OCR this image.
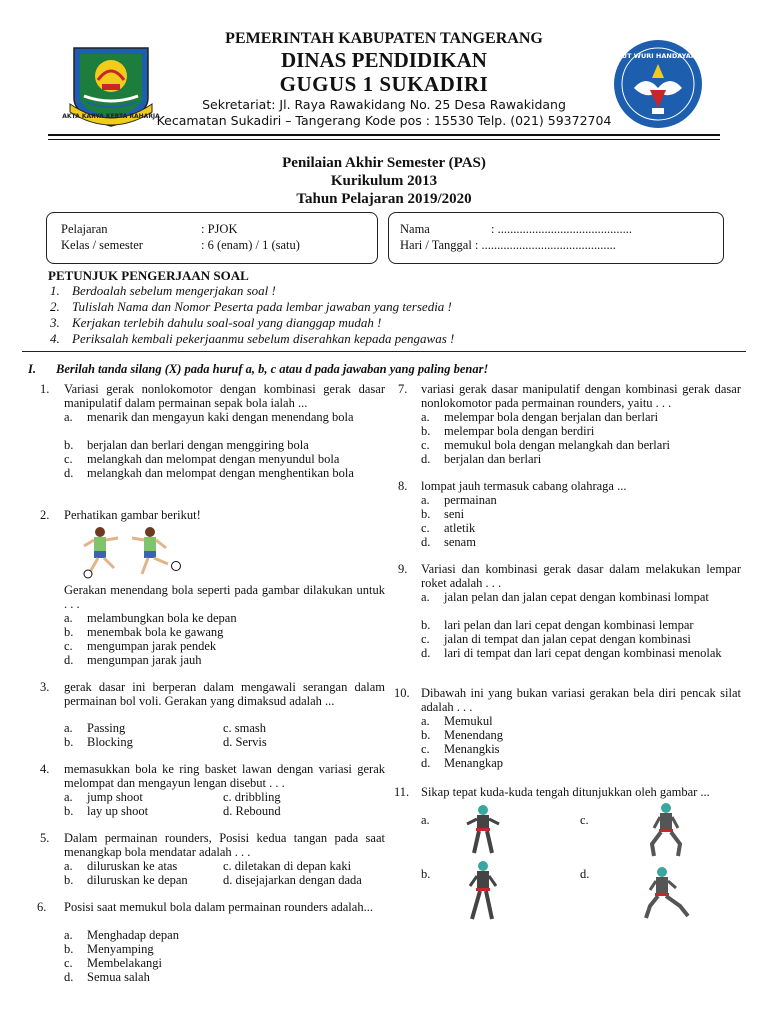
AKTA KARYA KERTA RAHARJA
TUT WURI HANDAYANI
PEMERINTAH KABUPATEN TANGERANG
DINAS PENDIDIKAN
GUGUS 1 SUKADIRI
Sekretariat: Jl. Raya Rawakidang No. 25 Desa Rawakidang
Kecamatan Sukadiri – Tangerang Kode pos : 15530 Telp. (021) 59372704
Penilaian Akhir Semester (PAS)
Kurikulum 2013
Tahun Pelajaran 2019/2020
Pelajaran	: PJOK
Kelas / semester	: 6 (enam) / 1 (satu)
Nama	: ...........................................
Hari / Tanggal : ...........................................
PETUNJUK PENGERJAAN SOAL
1. Berdoalah sebelum mengerjakan soal !
2. Tulislah Nama dan Nomor Peserta pada lembar jawaban yang tersedia !
3. Kerjakan terlebih dahulu soal-soal yang dianggap mudah !
4. Periksalah kembali pekerjaanmu sebelum diserahkan kepada pengawas !
I. Berilah tanda silang (X) pada huruf a, b, c atau d pada jawaban yang paling benar!
1. Variasi gerak nonlokomotor dengan kombinasi gerak dasar manipulatif dalam permainan sepak bola ialah ...
a. menarik dan mengayun kaki dengan menendang bola
b. berjalan dan berlari dengan menggiring bola
c. melangkah dan melompat dengan menyundul bola
d. melangkah dan melompat dengan menghentikan bola
2. Perhatikan gambar berikut!
Gerakan menendang bola seperti pada gambar dilakukan untuk . . .
a. melambungkan bola ke depan
b. menembak bola ke gawang
c. mengumpan jarak pendek
d. mengumpan jarak jauh
3. gerak dasar ini berperan dalam mengawali serangan dalam permainan bol voli. Gerakan yang dimaksud adalah ...
a. Passing
b. Blocking
c. smash
d. Servis
4. memasukkan bola ke ring basket lawan dengan variasi gerak melompat dan mengayun lengan disebut . . .
a. jump shoot
b. lay up shoot
c. dribbling
d. Rebound
5. Dalam permainan rounders, Posisi kedua tangan pada saat menangkap bola mendatar adalah . . .
a. diluruskan ke atas
b. diluruskan ke depan
c. diletakan di depan kaki
d. disejajarkan dengan dada
6. Posisi saat memukul bola dalam permainan rounders adalah...
a. Menghadap depan
b. Menyamping
c. Membelakangi
d. Semua salah
7. variasi gerak dasar manipulatif dengan kombinasi gerak dasar nonlokomotor pada permainan rounders, yaitu . . .
a. melempar bola dengan berjalan dan berlari
b. melempar bola dengan berdiri
c. memukul bola dengan melangkah dan berlari
d. berjalan dan berlari
8. lompat jauh termasuk cabang olahraga ...
a. permainan
b. seni
c. atletik
d. senam
9. Variasi dan kombinasi gerak dasar dalam melakukan lempar roket adalah . . .
a. jalan pelan dan jalan cepat dengan kombinasi lompat
b. lari pelan dan lari cepat dengan kombinasi lempar
c. jalan di tempat dan jalan cepat dengan kombinasi
d. lari di tempat dan lari cepat dengan kombinasi menolak
10. Dibawah ini yang bukan variasi gerakan bela diri pencak silat adalah . . .
a. Memukul
b. Menendang
c. Menangkis
d. Menangkap
11. Sikap tepat kuda-kuda tengah ditunjukkan oleh gambar ...
a.	c.
b.	d.
